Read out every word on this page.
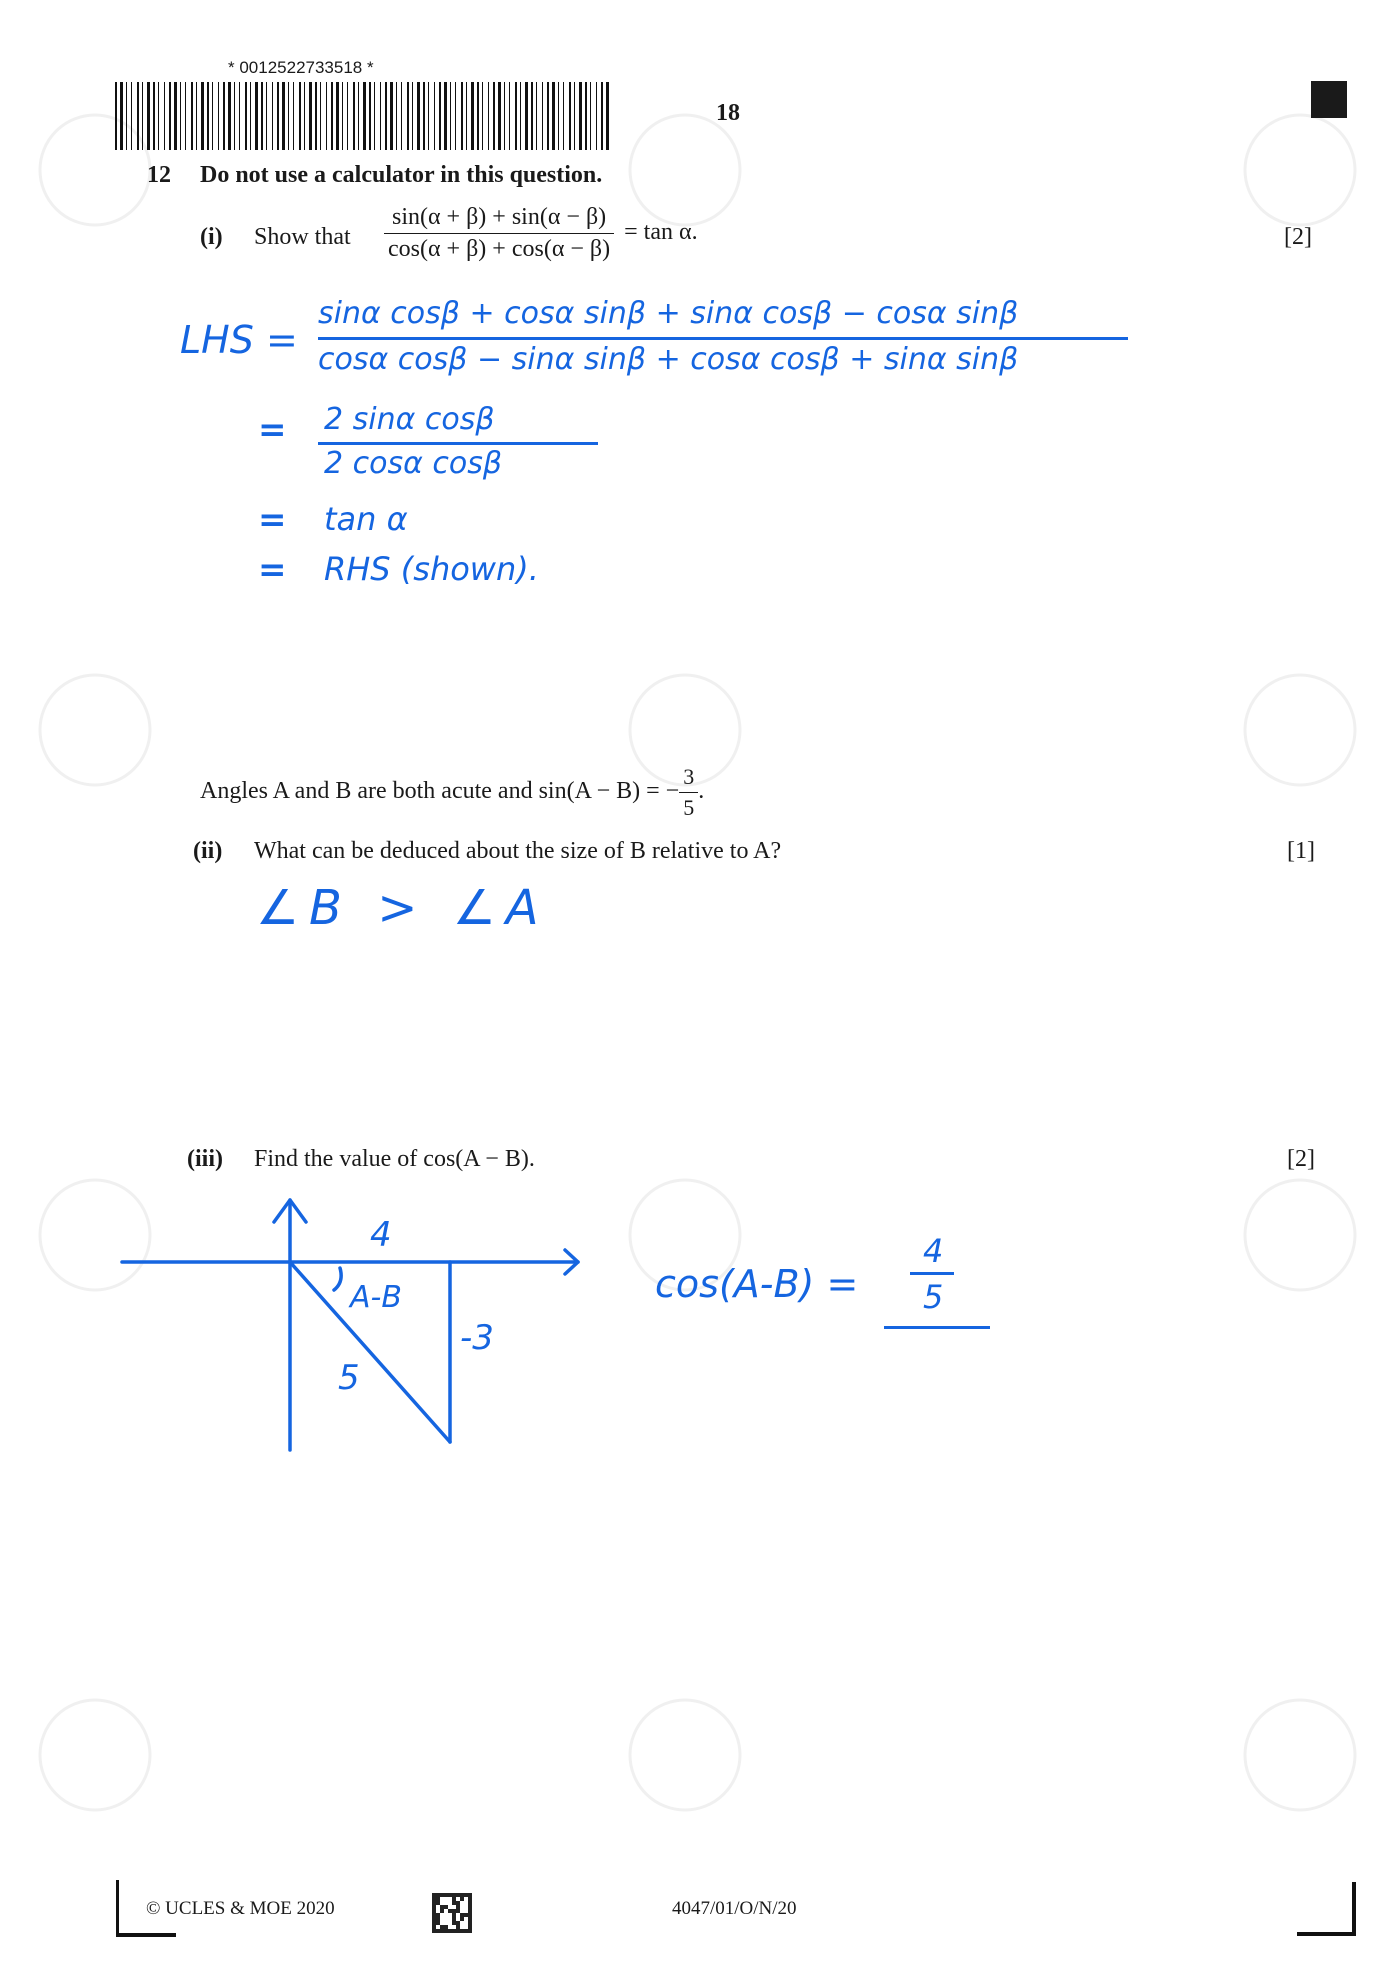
* 0012522733518 *
18
12 Do not use a calculator in this question.
(i) Show that $\frac{\sin(\alpha + \beta) + \sin(\alpha - \beta)}{\cos(\alpha + \beta) + \cos(\alpha - \beta)} = \tan \alpha$.	[2]
LHS =
sinα cosβ + cosα sinβ + sinα cosβ − cosα sinβ
cosα cosβ − sinα sinβ + cosα cosβ + sinα sinβ
= 2 sinα cosβ
2 cosα cosβ
= tan α
= RHS (shown).
Angles A and B are both acute and sin(A − B) = − $\frac{3}{5}$ .
(ii) What can be deduced about the size of B relative to A?	[1]
∠B > ∠A
(iii) Find the value of cos(A − B).	[2]
4
A-B
5
-3
cos(A-B) =
4
5
© UCLES & MOE 2020	4047/01/O/N/20
